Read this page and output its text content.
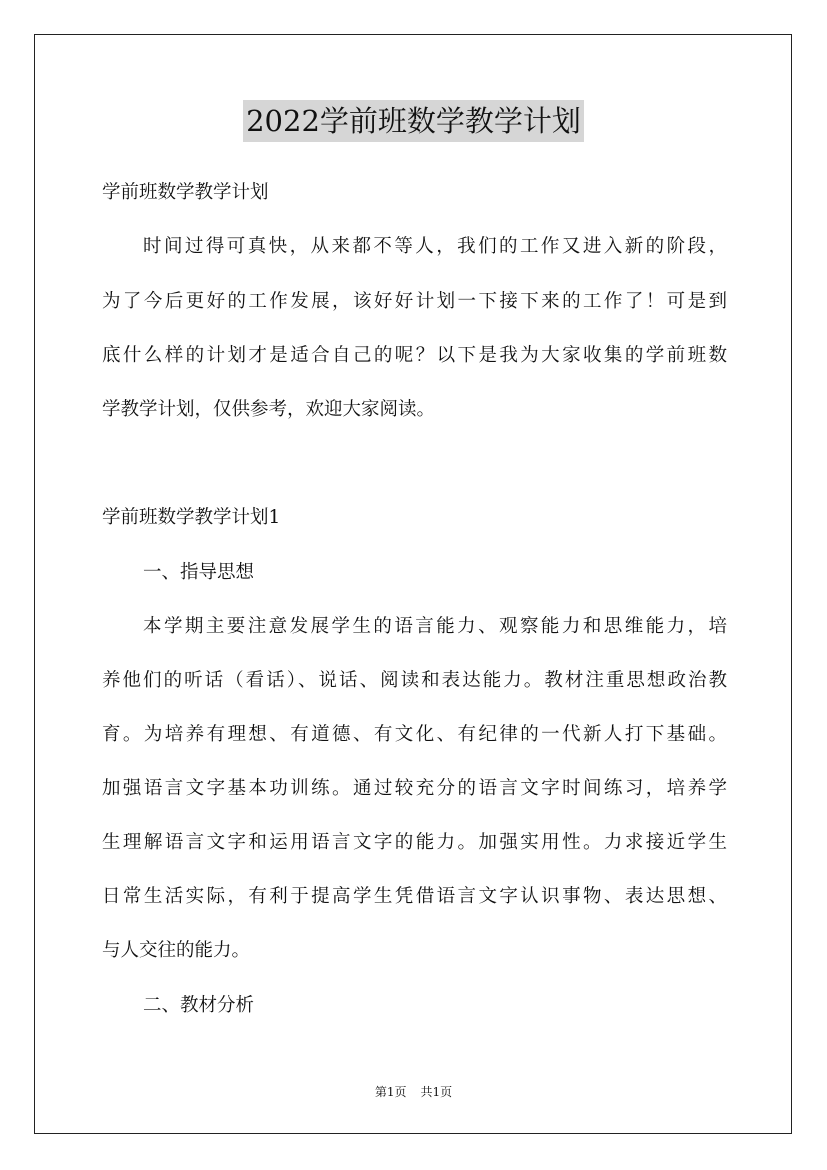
2022学前班数学教学计划
学前班数学教学计划
时间过得可真快，从来都不等人，我们的工作又进入新的阶段，
为了今后更好的工作发展，该好好计划一下接下来的工作了！可是到
底什么样的计划才是适合自己的呢？以下是我为大家收集的学前班数
学教学计划，仅供参考，欢迎大家阅读。
学前班数学教学计划1
一、指导思想
本学期主要注意发展学生的语言能力、观察能力和思维能力，培
养他们的听话（看话）、说话、阅读和表达能力。教材注重思想政治教
育。为培养有理想、有道德、有文化、有纪律的一代新人打下基础。
加强语言文字基本功训练。通过较充分的语言文字时间练习，培养学
生理解语言文字和运用语言文字的能力。加强实用性。力求接近学生
日常生活实际，有利于提高学生凭借语言文字认识事物、表达思想、
与人交往的能力。
二、教材分析
第1页 共1页
